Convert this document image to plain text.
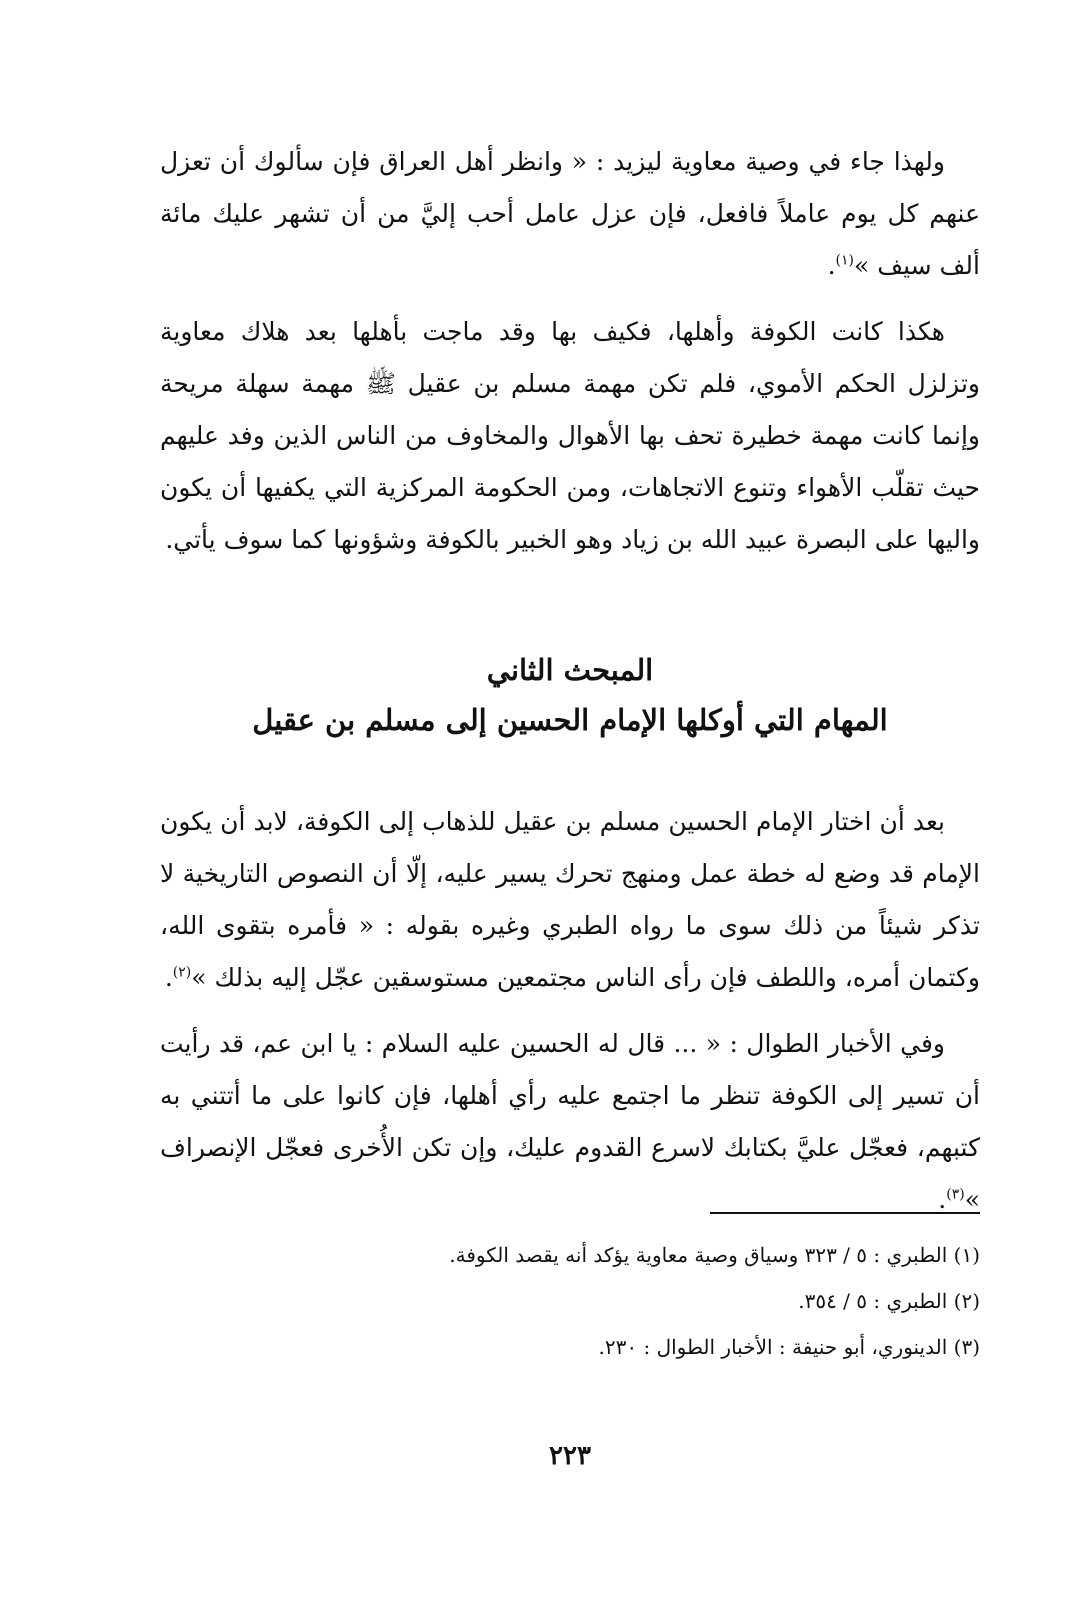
ولهذا جاء في وصية معاوية ليزيد : « وانظر أهل العراق فإن سألوك أن تعزل عنهم كل يوم عاملاً فافعل، فإن عزل عامل أحب إليَّ من أن تشهر عليك مائة ألف سيف »$^{(١)}$.

هكذا كانت الكوفة وأهلها، فكيف بها وقد ماجت بأهلها بعد هلاك معاوية وتزلزل الحكم الأموي، فلم تكن مهمة مسلم بن عقيل ﷺ مهمة سهلة مريحة وإنما كانت مهمة خطيرة تحف بها الأهوال والمخاوف من الناس الذين وفد عليهم حيث تقلّب الأهواء وتنوع الاتجاهات، ومن الحكومة المركزية التي يكفيها أن يكون واليها على البصرة عبيد الله بن زياد وهو الخبير بالكوفة وشؤونها كما سوف يأتي.

المبحث الثاني
المهام التي أوكلها الإمام الحسين إلى مسلم بن عقيل

بعد أن اختار الإمام الحسين مسلم بن عقيل للذهاب إلى الكوفة، لابد أن يكون الإمام قد وضع له خطة عمل ومنهج تحرك يسير عليه، إلّا أن النصوص التاريخية لا تذكر شيئاً من ذلك سوى ما رواه الطبري وغيره بقوله : « فأمره بتقوى الله، وكتمان أمره، واللطف فإن رأى الناس مجتمعين مستوسقين عجّل إليه بذلك »$^{(٢)}$.

وفي الأخبار الطوال : « ... قال له الحسين عليه السلام : يا ابن عم، قد رأيت أن تسير إلى الكوفة تنظر ما اجتمع عليه رأي أهلها، فإن كانوا على ما أتتني به كتبهم، فعجّل عليَّ بكتابك لاسرع القدوم عليك، وإن تكن الأُخرى فعجّل الإنصراف »$^{(٣)}$.

(١) الطبري : ٥ / ٣٢٣ وسياق وصية معاوية يؤكد أنه يقصد الكوفة.

(٢) الطبري : ٥ / ٣٥٤.

(٣) الدينوري، أبو حنيفة : الأخبار الطوال : ٢٣٠.

٢٢٣
